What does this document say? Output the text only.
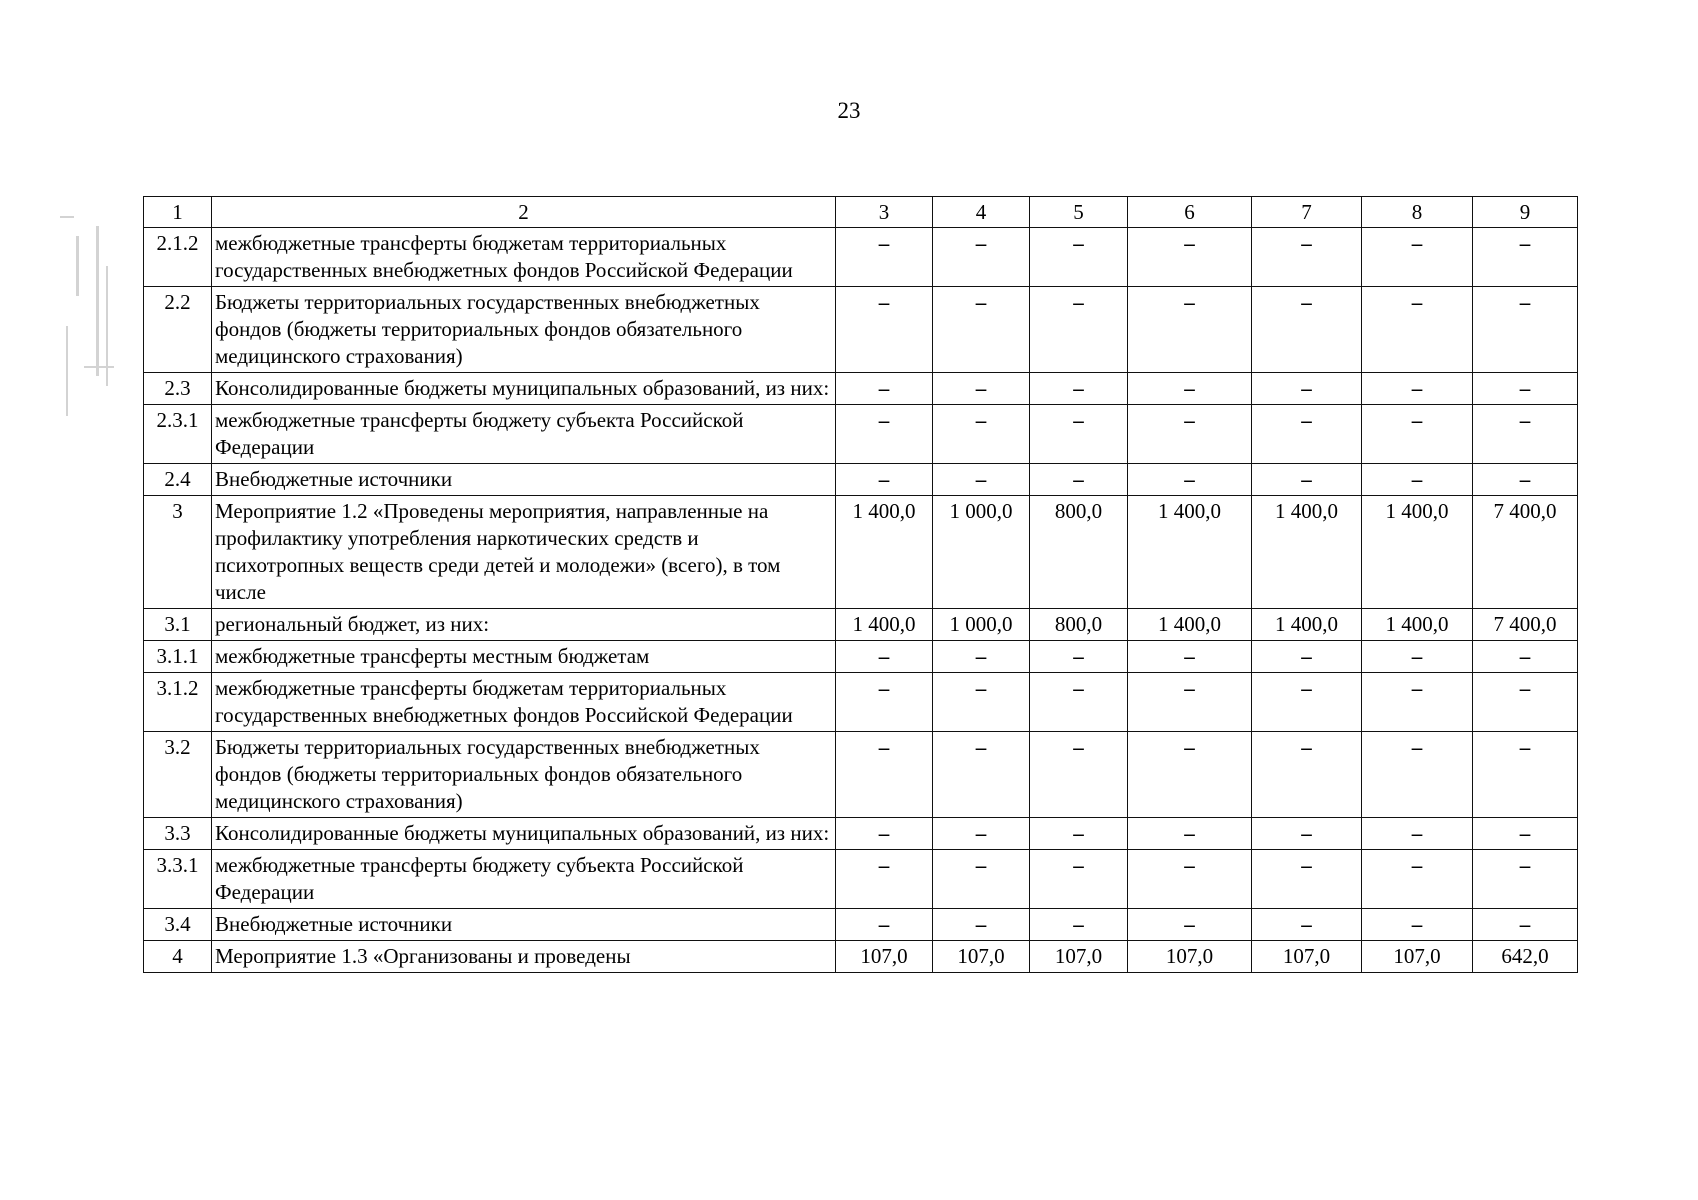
23
1	2	3	4	5	6	7	8	9
2.1.2	межбюджетные трансферты бюджетам территориальных государственных внебюджетных фондов Российской Федерации	–	–	–	–	–	–	–
2.2	Бюджеты территориальных государственных внебюджетных фондов (бюджеты территориальных фондов обязательного медицинского страхования)	–	–	–	–	–	–	–
2.3	Консолидированные бюджеты муниципальных образований, из них:	–	–	–	–	–	–	–
2.3.1	межбюджетные трансферты бюджету субъекта Российской Федерации	–	–	–	–	–	–	–
2.4	Внебюджетные источники	–	–	–	–	–	–	–
3	Мероприятие 1.2 «Проведены мероприятия, направленные на профилактику употребления наркотических средств и психотропных веществ среди детей и молодежи» (всего), в том числе	1 400,0	1 000,0	800,0	1 400,0	1 400,0	1 400,0	7 400,0
3.1	региональный бюджет, из них:	1 400,0	1 000,0	800,0	1 400,0	1 400,0	1 400,0	7 400,0
3.1.1	межбюджетные трансферты местным бюджетам	–	–	–	–	–	–	–
3.1.2	межбюджетные трансферты бюджетам территориальных государственных внебюджетных фондов Российской Федерации	–	–	–	–	–	–	–
3.2	Бюджеты территориальных государственных внебюджетных фондов (бюджеты территориальных фондов обязательного медицинского страхования)	–	–	–	–	–	–	–
3.3	Консолидированные бюджеты муниципальных образований, из них:	–	–	–	–	–	–	–
3.3.1	межбюджетные трансферты бюджету субъекта Российской Федерации	–	–	–	–	–	–	–
3.4	Внебюджетные источники	–	–	–	–	–	–	–
4	Мероприятие 1.3 «Организованы и проведены	107,0	107,0	107,0	107,0	107,0	107,0	642,0
